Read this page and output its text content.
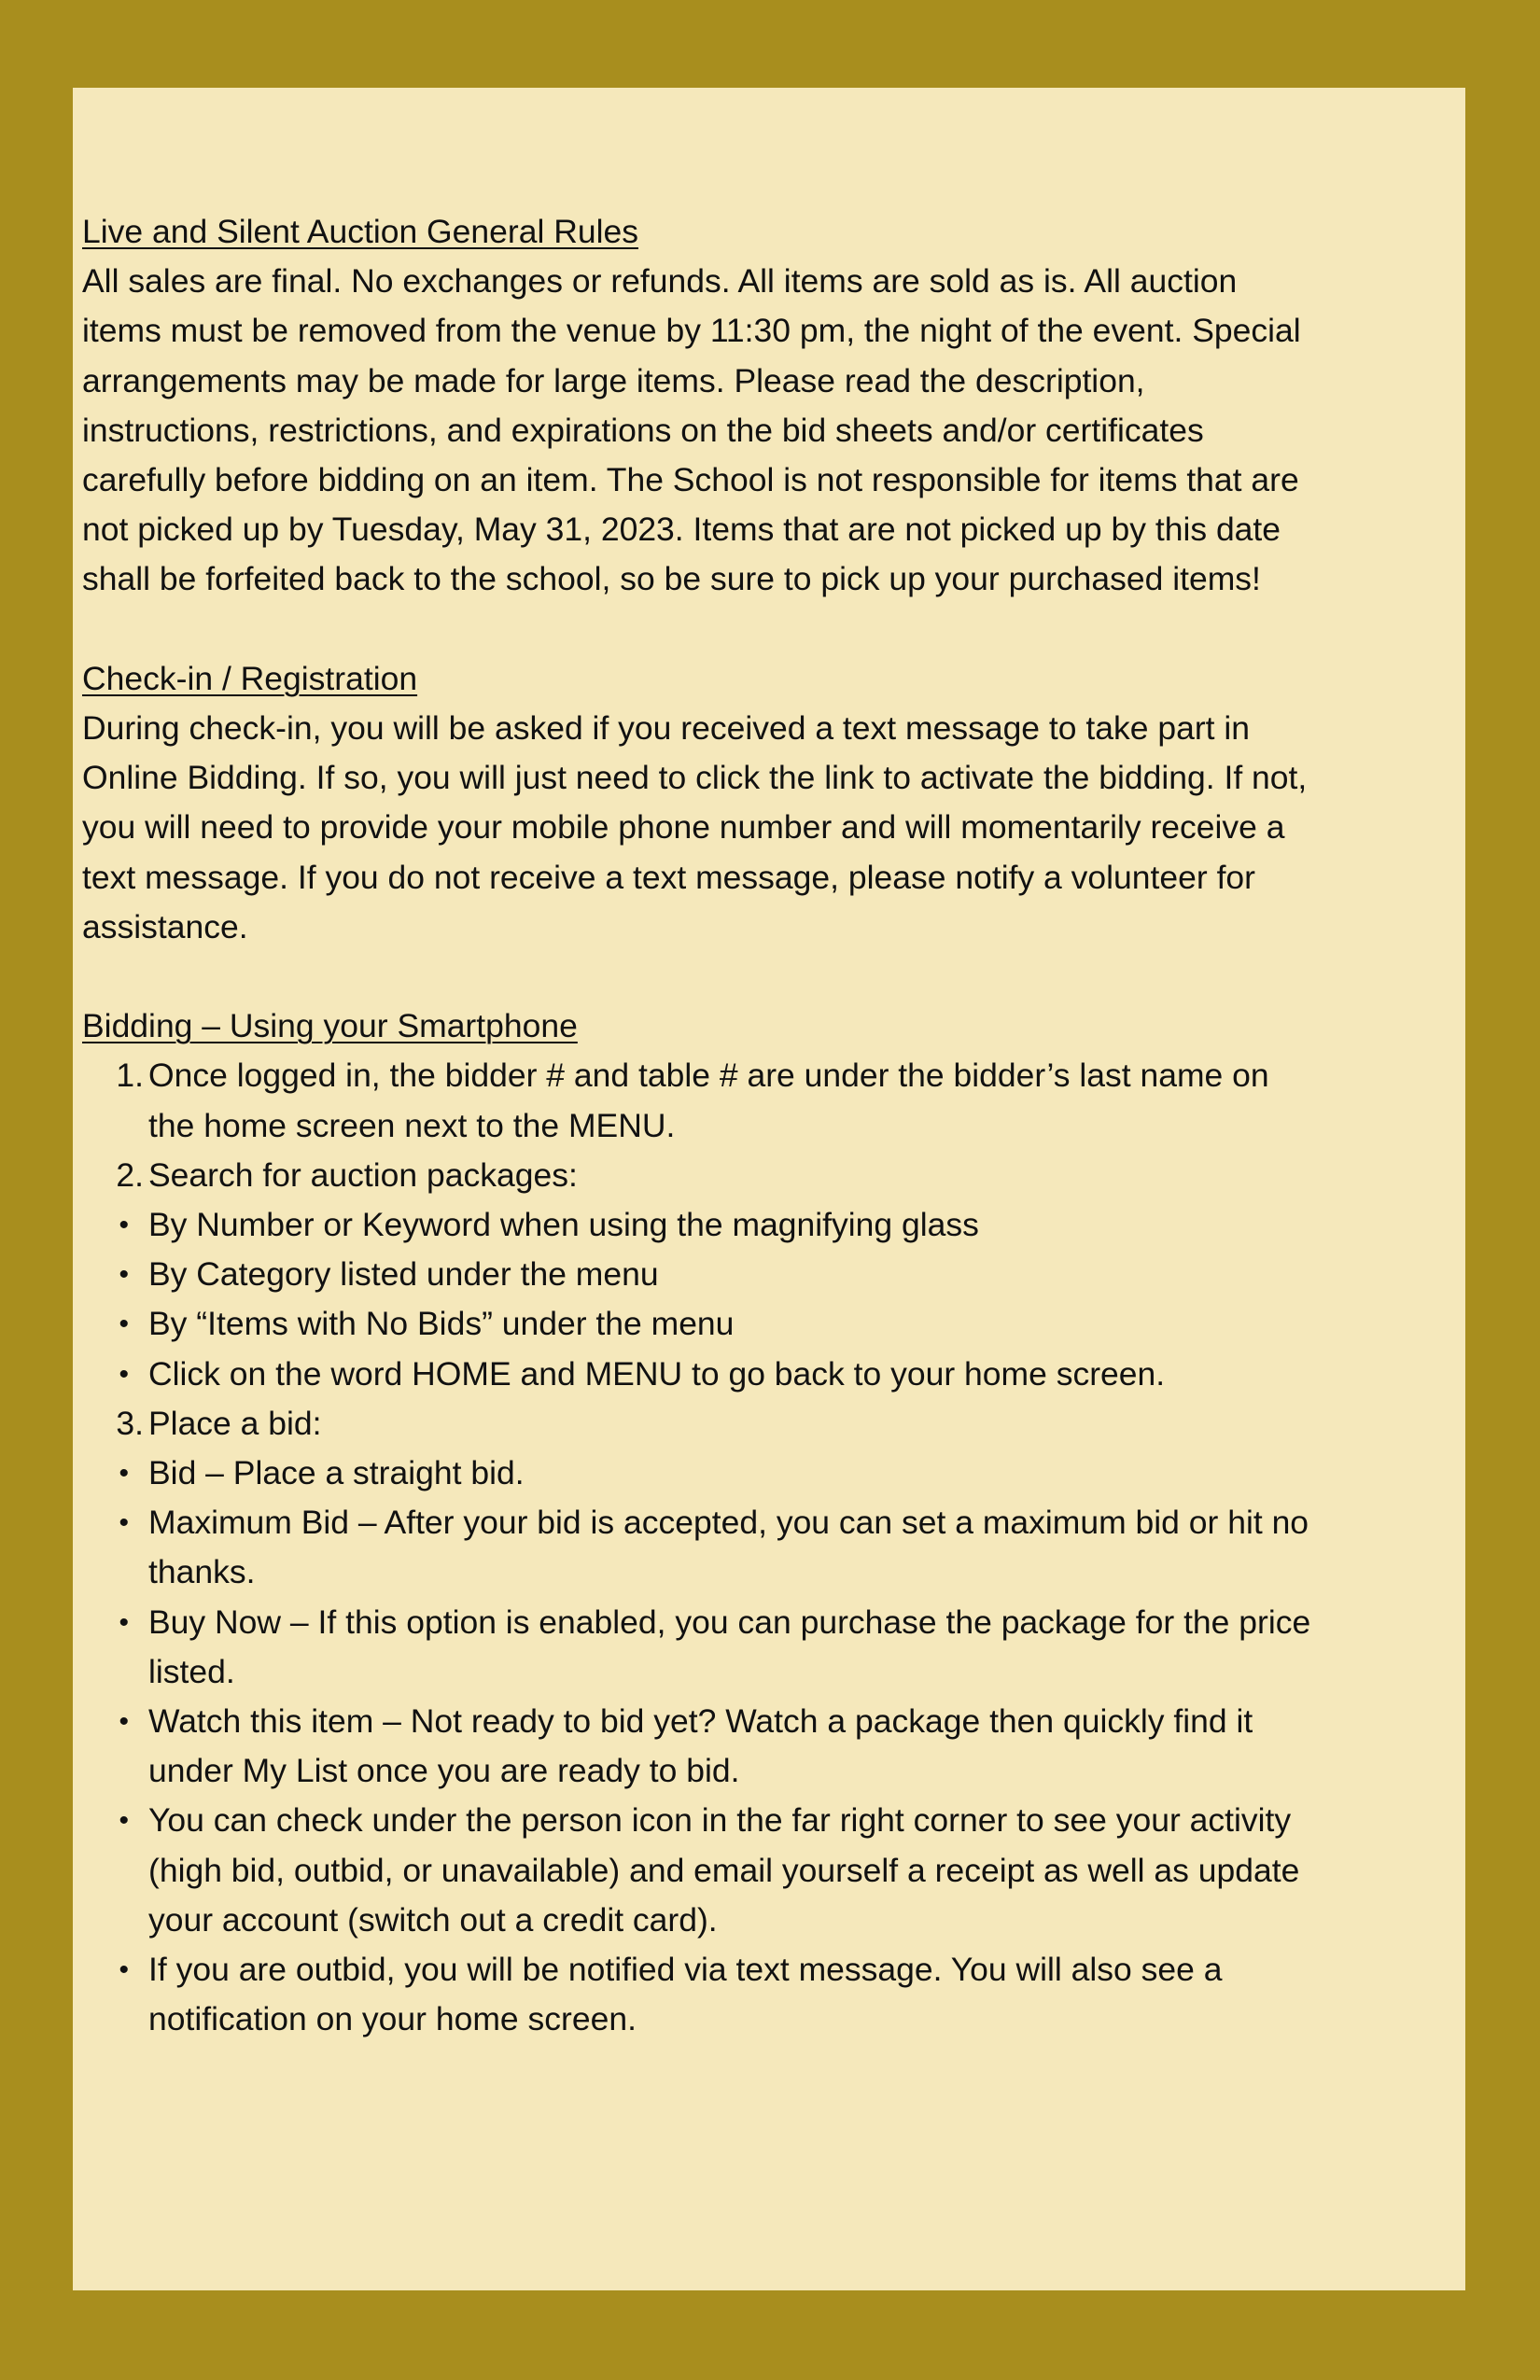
Live and Silent Auction General Rules

All sales are final. No exchanges or refunds. All items are sold as is. All auction items must be removed from the venue by 11:30 pm, the night of the event. Special arrangements may be made for large items. Please read the description, instructions, restrictions, and expirations on the bid sheets and/or certificates carefully before bidding on an item. The School is not responsible for items that are not picked up by Tuesday, May 31, 2023. Items that are not picked up by this date shall be forfeited back to the school, so be sure to pick up your purchased items!

Check-in / Registration

During check-in, you will be asked if you received a text message to take part in Online Bidding. If so, you will just need to click the link to activate the bidding. If not, you will need to provide your mobile phone number and will momentarily receive a text message. If you do not receive a text message, please notify a volunteer for assistance.

Bidding – Using your Smartphone

1. Once logged in, the bidder # and table # are under the bidder’s last name on the home screen next to the MENU.
2. Search for auction packages:
• By Number or Keyword when using the magnifying glass
• By Category listed under the menu
• By “Items with No Bids” under the menu
• Click on the word HOME and MENU to go back to your home screen.
3. Place a bid:
• Bid – Place a straight bid.
• Maximum Bid – After your bid is accepted, you can set a maximum bid or hit no thanks.
• Buy Now – If this option is enabled, you can purchase the package for the price listed.
• Watch this item – Not ready to bid yet? Watch a package then quickly find it under My List once you are ready to bid.
• You can check under the person icon in the far right corner to see your activity (high bid, outbid, or unavailable) and email yourself a receipt as well as update your account (switch out a credit card).
• If you are outbid, you will be notified via text message. You will also see a notification on your home screen.
